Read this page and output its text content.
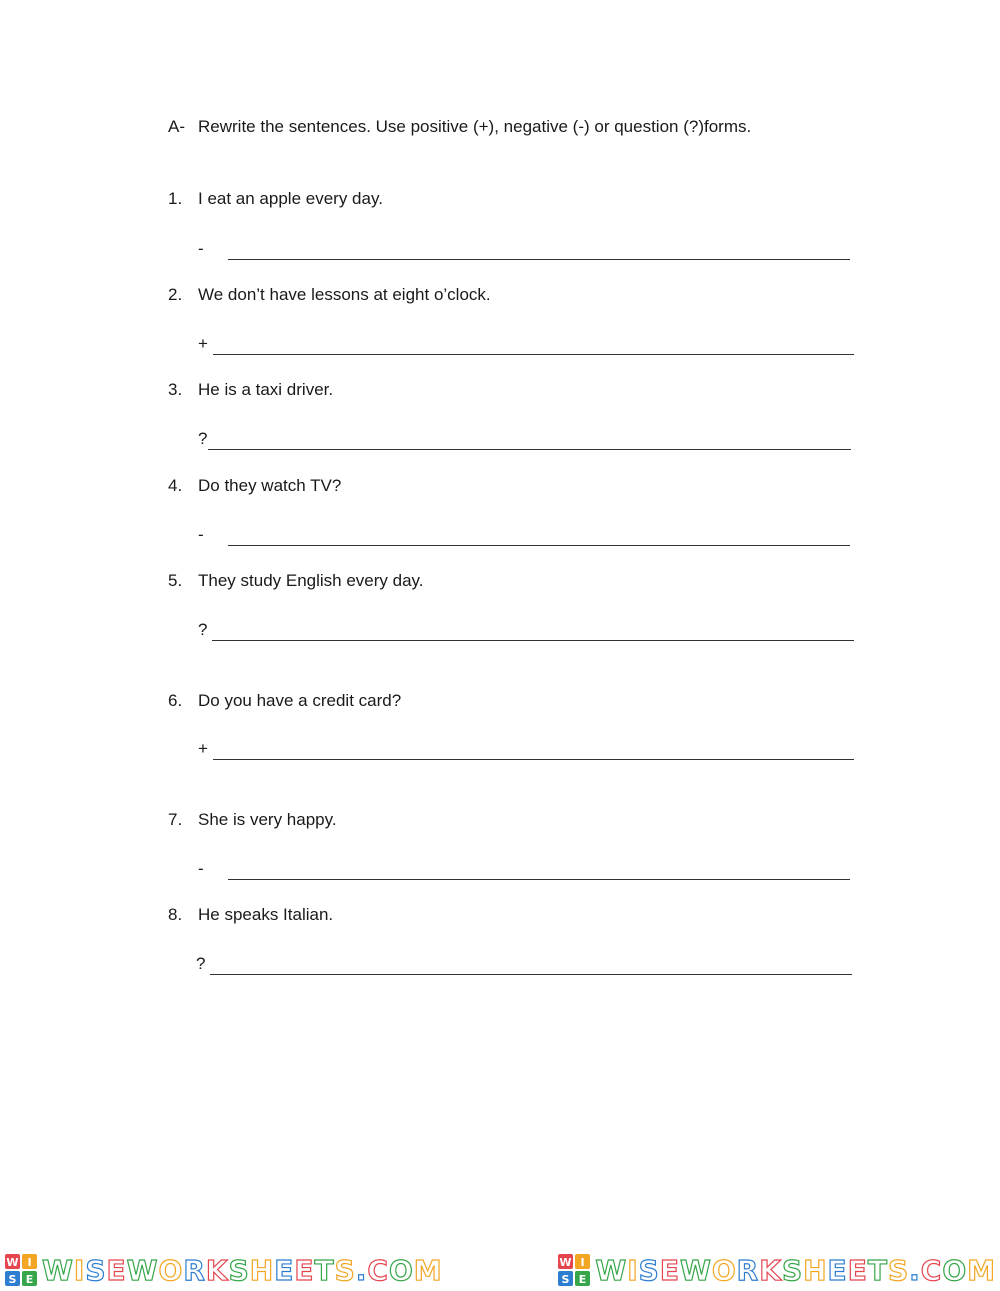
A- Rewrite the sentences. Use positive (+), negative (-) or question (?)forms.
1. I eat an apple every day.
-
2. We don’t have lessons at eight o’clock.
+
3. He is a taxi driver.
?
4. Do they watch TV?
-
5. They study English every day.
?
6. Do you have a credit card?
+
7. She is very happy.
-
8. He speaks Italian.
?
W I
S E WISEWORKSHEETS.COM	W I
S E WISEWORKSHEETS.COM
